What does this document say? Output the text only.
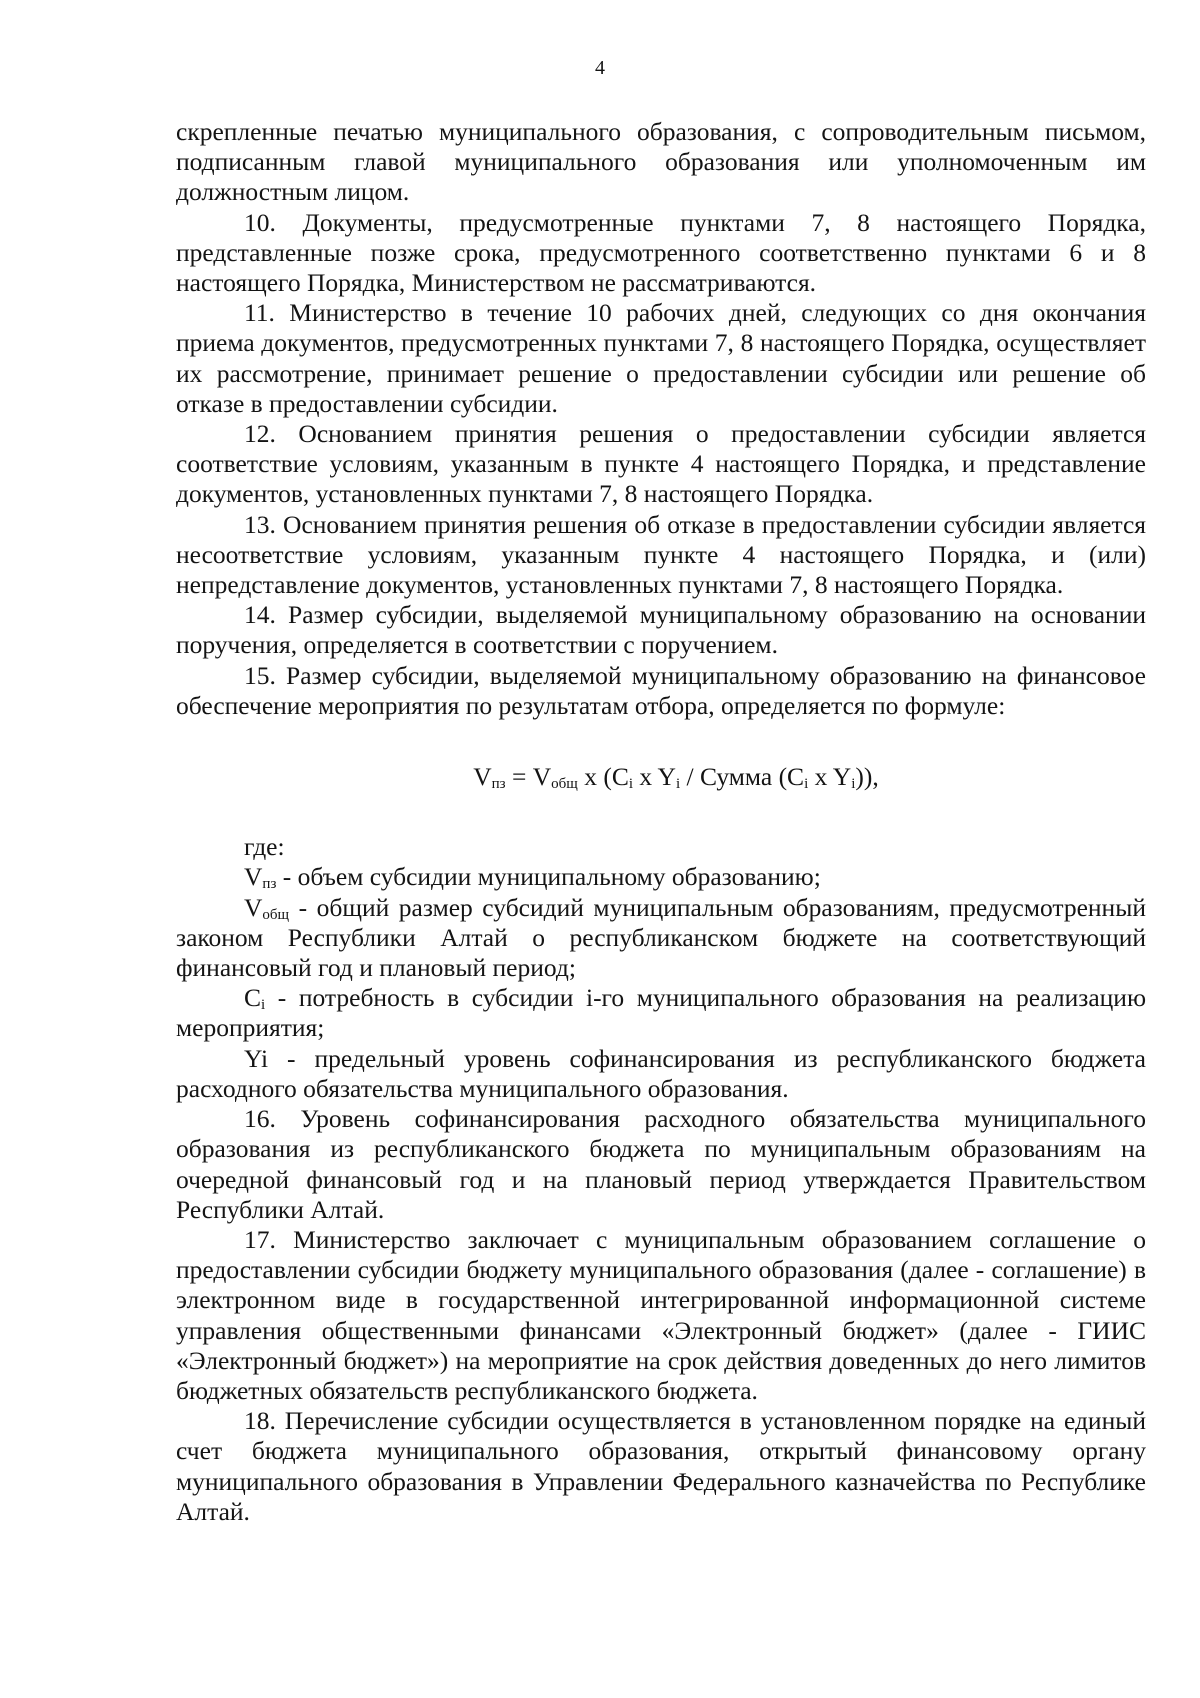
4

скрепленные печатью муниципального образования, с сопроводительным письмом, подписанным главой муниципального образования или уполномоченным им должностным лицом.

10. Документы, предусмотренные пунктами 7, 8 настоящего Порядка, представленные позже срока, предусмотренного соответственно пунктами 6 и 8 настоящего Порядка, Министерством не рассматриваются.

11. Министерство в течение 10 рабочих дней, следующих со дня окончания приема документов, предусмотренных пунктами 7, 8 настоящего Порядка, осуществляет их рассмотрение, принимает решение о предоставлении субсидии или решение об отказе в предоставлении субсидии.

12. Основанием принятия решения о предоставлении субсидии является соответствие условиям, указанным в пункте 4 настоящего Порядка, и представление документов, установленных пунктами 7, 8 настоящего Порядка.

13. Основанием принятия решения об отказе в предоставлении субсидии является несоответствие условиям, указанным пункте 4 настоящего Порядка, и (или) непредставление документов, установленных пунктами 7, 8 настоящего Порядка.

14. Размер субсидии, выделяемой муниципальному образованию на основании поручения, определяется в соответствии с поручением.

15. Размер субсидии, выделяемой муниципальному образованию на финансовое обеспечение мероприятия по результатам отбора, определяется по формуле:

$V_{пз} = V_{общ}$ x ($C_i$ x $Y_i$ / Сумма ($C_i$ x $Y_i$)),

где:

$V_{пз}$ - объем субсидии муниципальному образованию;

$V_{общ}$ - общий размер субсидий муниципальным образованиям, предусмотренный законом Республики Алтай о республиканском бюджете на соответствующий финансовый год и плановый период;

$C_i$ - потребность в субсидии i-го муниципального образования на реализацию мероприятия;

Yi - предельный уровень софинансирования из республиканского бюджета расходного обязательства муниципального образования.

16. Уровень софинансирования расходного обязательства муниципального образования из республиканского бюджета по муниципальным образованиям на очередной финансовый год и на плановый период утверждается Правительством Республики Алтай.

17. Министерство заключает с муниципальным образованием соглашение о предоставлении субсидии бюджету муниципального образования (далее - соглашение) в электронном виде в государственной интегрированной информационной системе управления общественными финансами «Электронный бюджет» (далее - ГИИС «Электронный бюджет») на мероприятие на срок действия доведенных до него лимитов бюджетных обязательств республиканского бюджета.

18. Перечисление субсидии осуществляется в установленном порядке на единый счет бюджета муниципального образования, открытый финансовому органу муниципального образования в Управлении Федерального казначейства по Республике Алтай.
